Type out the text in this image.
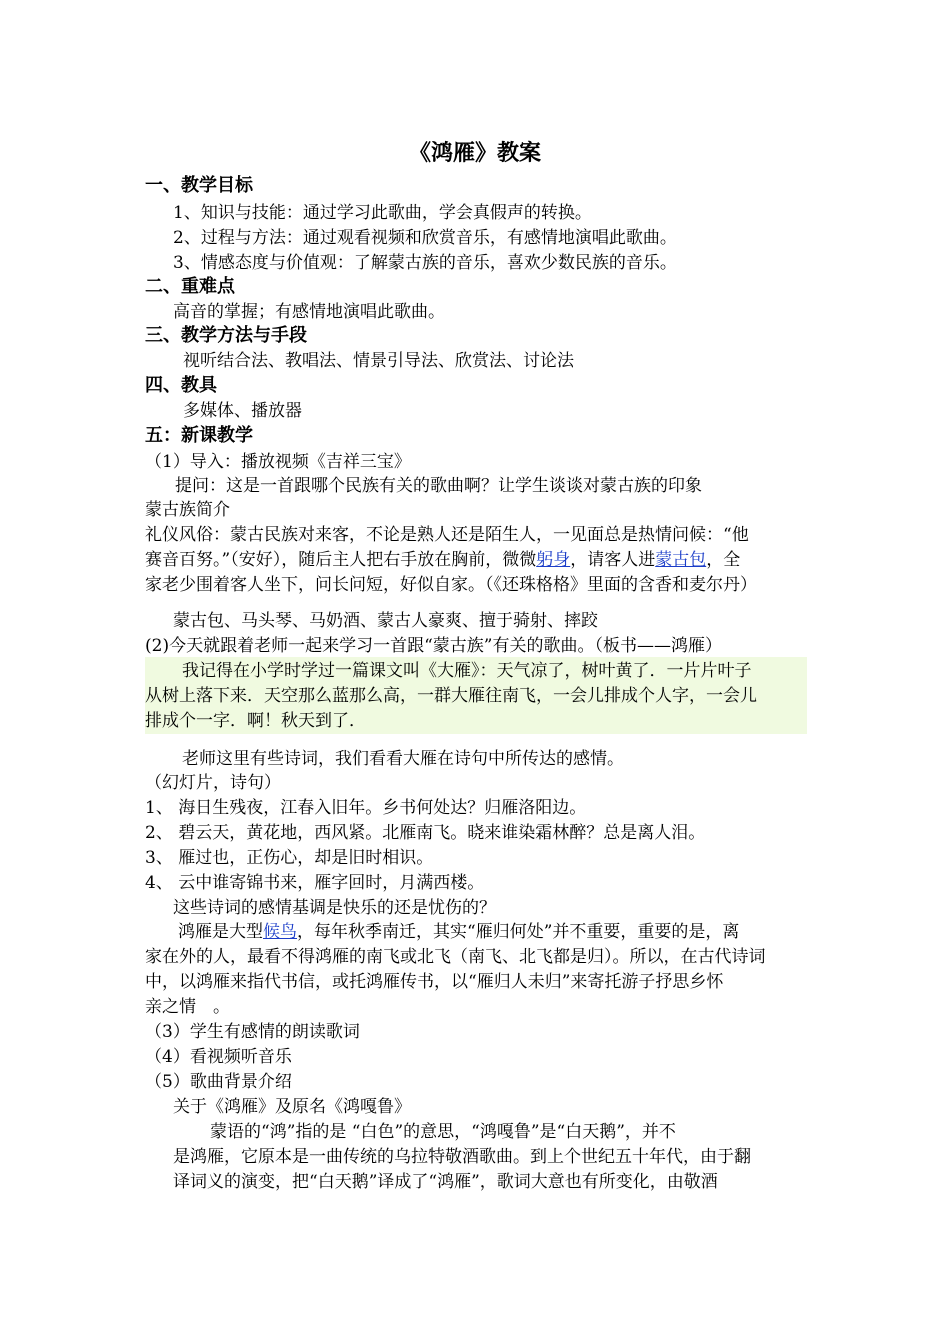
《鸿雁》教案
一、教学目标
1、知识与技能：通过学习此歌曲，学会真假声的转换。
2、过程与方法：通过观看视频和欣赏音乐，有感情地演唱此歌曲。
3、情感态度与价值观：了解蒙古族的音乐，喜欢少数民族的音乐。
二、重难点
高音的掌握；有感情地演唱此歌曲。
三、教学方法与手段
视听结合法、教唱法、情景引导法、欣赏法、讨论法
四、教具
多媒体、播放器
五：新课教学
（1）导入：播放视频《吉祥三宝》
提问：这是一首跟哪个民族有关的歌曲啊？让学生谈谈对蒙古族的印象
蒙古族简介
礼仪风俗：蒙古民族对来客，不论是熟人还是陌生人，一见面总是热情问候：“他
赛音百努。”（安好），随后主人把右手放在胸前，微微躬身，请客人进蒙古包，全
家老少围着客人坐下，问长问短，好似自家。（《还珠格格》里面的含香和麦尔丹）
蒙古包、马头琴、马奶酒、蒙古人豪爽、擅于骑射、摔跤
(2)今天就跟着老师一起来学习一首跟“蒙古族”有关的歌曲。（板书——鸿雁）
我记得在小学时学过一篇课文叫《大雁》：天气凉了，树叶黄了．一片片叶子
从树上落下来．天空那么蓝那么高，一群大雁往南飞，一会儿排成个人字，一会儿
排成个一字．啊！秋天到了．
老师这里有些诗词，我们看看大雁在诗句中所传达的感情。
（幻灯片，诗句）
1、 海日生残夜，江春入旧年。乡书何处达？归雁洛阳边。
2、 碧云天，黄花地，西风紧。北雁南飞。晓来谁染霜林醉？总是离人泪。
3、 雁过也，正伤心，却是旧时相识。
4、 云中谁寄锦书来，雁字回时，月满西楼。
这些诗词的感情基调是快乐的还是忧伤的？
鸿雁是大型候鸟，每年秋季南迁，其实“雁归何处”并不重要，重要的是，离
家在外的人，最看不得鸿雁的南飞或北飞（南飞、北飞都是归）。所以，在古代诗词
中，以鸿雁来指代书信，或托鸿雁传书，以“雁归人未归”来寄托游子抒思乡怀
亲之情　。
（3）学生有感情的朗读歌词
（4）看视频听音乐
（5）歌曲背景介绍
关于《鸿雁》及原名《鸿嘎鲁》
蒙语的“鸿”指的是 “白色”的意思，“鸿嘎鲁”是“白天鹅”，并不
是鸿雁，它原本是一曲传统的乌拉特敬酒歌曲。到上个世纪五十年代，由于翻
译词义的演变，把“白天鹅”译成了“鸿雁”，歌词大意也有所变化，由敬酒
